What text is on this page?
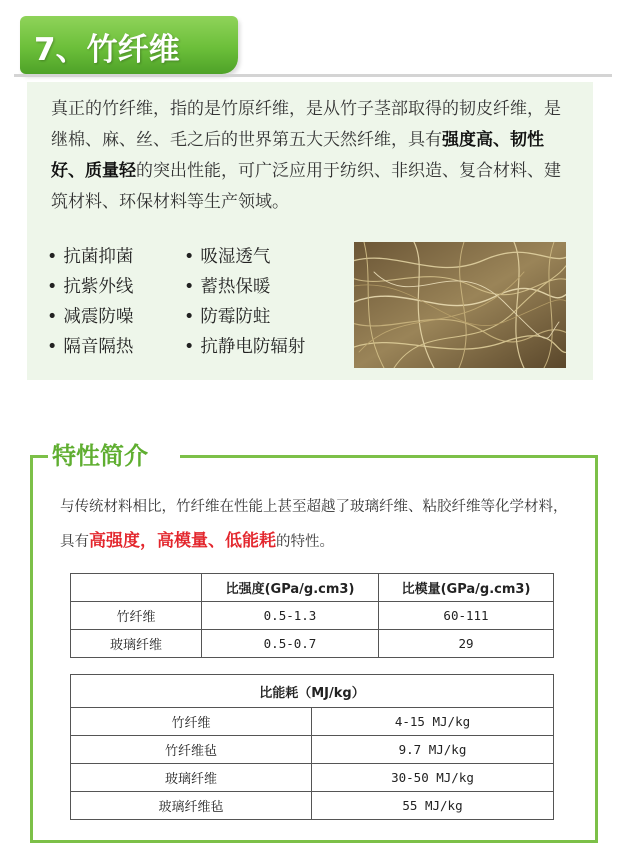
7、竹纤维

真正的竹纤维，指的是竹原纤维，是从竹子茎部取得的韧皮纤维，是继棉、麻、丝、毛之后的世界第五大天然纤维，具有强度高、韧性好、质量轻的突出性能，可广泛应用于纺织、非织造、复合材料、建筑材料、环保材料等生产领域。

• 抗菌抑菌
• 抗紫外线
• 减震防噪
• 隔音隔热
• 吸湿透气
• 蓄热保暖
• 防霉防蛀
• 抗静电防辐射
特性简介

与传统材料相比，竹纤维在性能上甚至超越了玻璃纤维、粘胶纤维等化学材料，具有高强度，高模量、低能耗的特性。

	比强度(GPa/g.cm3)	比模量(GPa/g.cm3)
竹纤维	0.5-1.3	60-111
玻璃纤维	0.5-0.7	29
比能耗（MJ/kg）	
竹纤维	4-15 MJ/kg
竹纤维毡	9.7 MJ/kg
玻璃纤维	30-50 MJ/kg
玻璃纤维毡	55 MJ/kg
